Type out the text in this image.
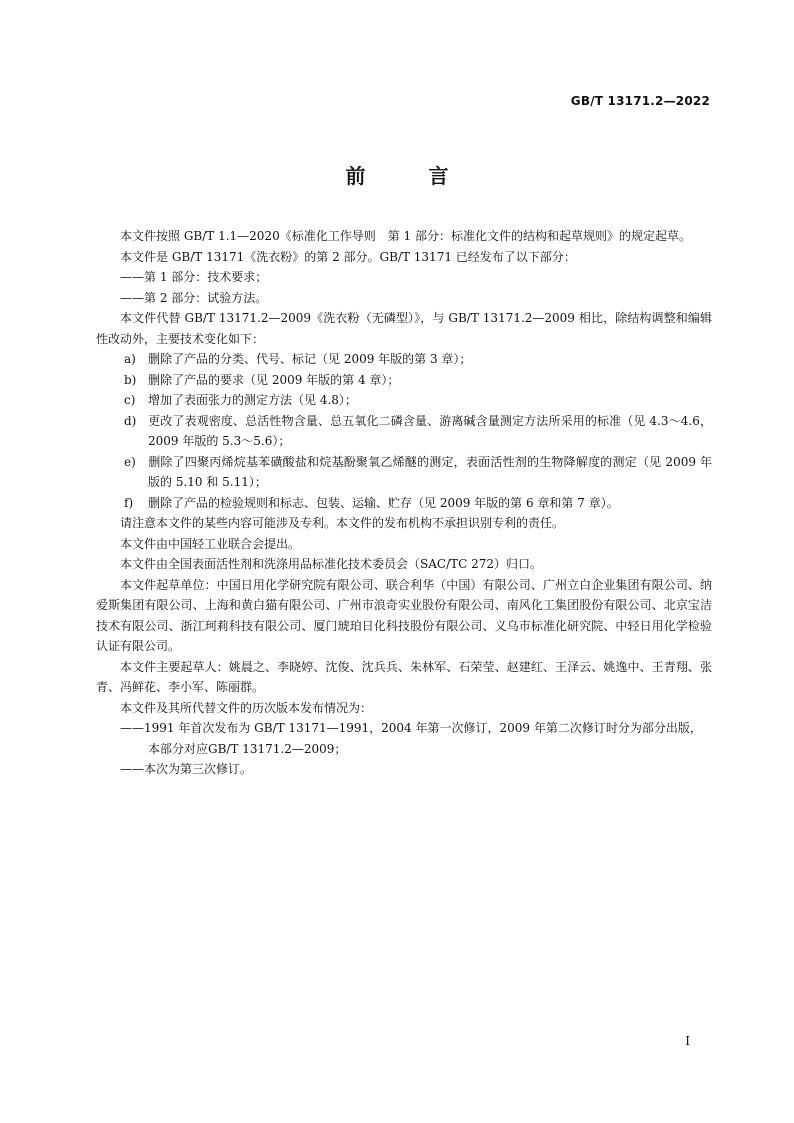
GB/T 13171.2—2022
前 言

本文件按照 GB/T 1.1—2020《标准化工作导则　第 1 部分：标准化文件的结构和起草规则》的规定起草。

本文件是 GB/T 13171《洗衣粉》的第 2 部分。GB/T 13171 已经发布了以下部分：

——第 1 部分：技术要求；

——第 2 部分：试验方法。

本文件代替 GB/T 13171.2—2009《洗衣粉（无磷型）》，与 GB/T 13171.2—2009 相比，除结构调整和编辑性改动外，主要技术变化如下：

a) 删除了产品的分类、代号、标记（见 2009 年版的第 3 章）；

b) 删除了产品的要求（见 2009 年版的第 4 章）；

c) 增加了表面张力的测定方法（见 4.8）；

d) 更改了表观密度、总活性物含量、总五氧化二磷含量、游离碱含量测定方法所采用的标准（见 4.3～4.6，2009 年版的 5.3～5.6）；

e) 删除了四聚丙烯烷基苯磺酸盐和烷基酚聚氧乙烯醚的测定，表面活性剂的生物降解度的测定（见 2009 年版的 5.10 和 5.11）；

f) 删除了产品的检验规则和标志、包装、运输、贮存（见 2009 年版的第 6 章和第 7 章）。

请注意本文件的某些内容可能涉及专利。本文件的发布机构不承担识别专利的责任。

本文件由中国轻工业联合会提出。

本文件由全国表面活性剂和洗涤用品标准化技术委员会（SAC/TC 272）归口。

本文件起草单位：中国日用化学研究院有限公司、联合利华（中国）有限公司、广州立白企业集团有限公司、纳爱斯集团有限公司、上海和黄白猫有限公司、广州市浪奇实业股份有限公司、南风化工集团股份有限公司、北京宝洁技术有限公司、浙江珂莉科技有限公司、厦门琥珀日化科技股份有限公司、义乌市标准化研究院、中轻日用化学检验认证有限公司。

本文件主要起草人：姚晨之、李晓婷、沈俊、沈兵兵、朱林军、石荣莹、赵建红、王泽云、姚逸中、王青翔、张青、冯鲜花、李小军、陈丽群。

本文件及其所代替文件的历次版本发布情况为：

——1991 年首次发布为 GB/T 13171—1991，2004 年第一次修订，2009 年第二次修订时分为部分出版，本部分对应GB/T 13171.2—2009；

——本次为第三次修订。

I
